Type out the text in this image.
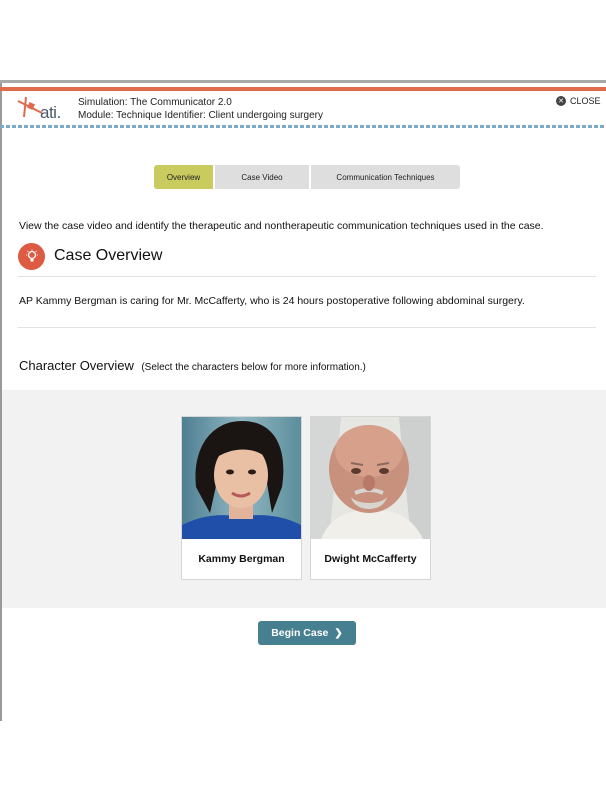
ati.
Simulation: The Communicator 2.0
Module: Technique Identifier: Client undergoing surgery
✕ CLOSE
Overview	Case Video	Communication Techniques
View the case video and identify the therapeutic and nontherapeutic communication techniques used in the case.
Case Overview
AP Kammy Bergman is caring for Mr. McCafferty, who is 24 hours postoperative following abdominal surgery.
Character Overview (Select the characters below for more information.)
Kammy Bergman	Dwight McCafferty
Begin Case ❯
